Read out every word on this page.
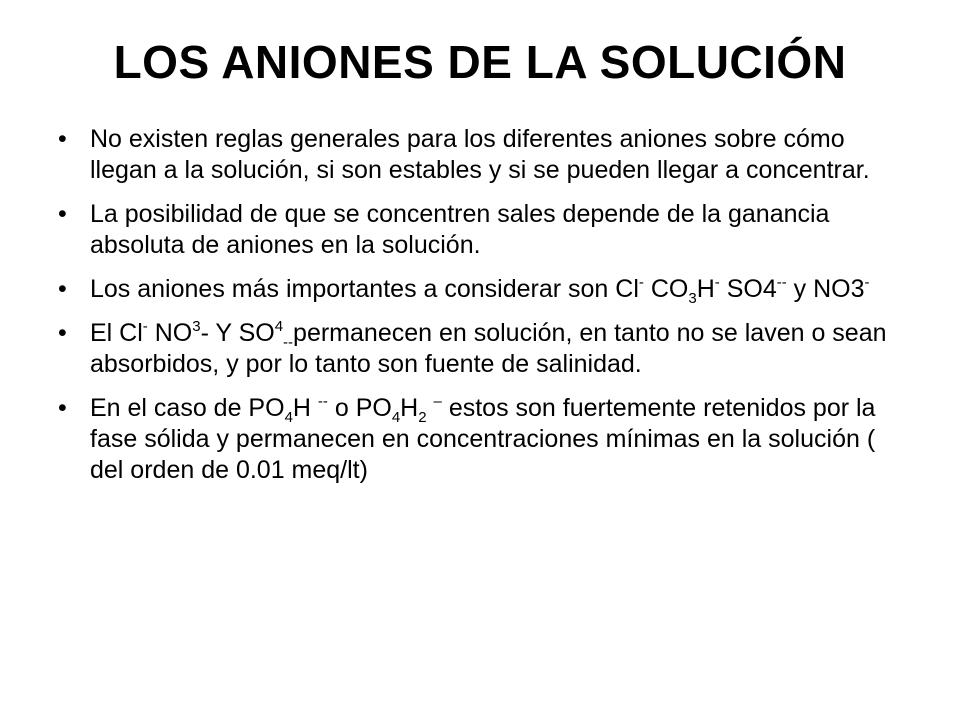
LOS ANIONES DE LA SOLUCIÓN
• No existen reglas generales para los diferentes aniones sobre cómo llegan a la solución, si son estables y si se pueden llegar a concentrar.
• La posibilidad de que se concentren sales depende de la ganancia absoluta de aniones en la solución.
• Los aniones más importantes a considerar son Cl- $CO_3H^-$ SO4-- y NO3-
• El Cl- $NO^3-$ Y $SO^4_{--}permanecen$ en solución, en tanto no se laven o sean absorbidos, y por lo tanto son fuente de salinidad.
• En el caso de $PO_4H$ -- o $PO_4H_2$ – estos son fuertemente retenidos por la fase sólida y permanecen en concentraciones mínimas en la solución ( del orden de 0.01 meq/lt)
